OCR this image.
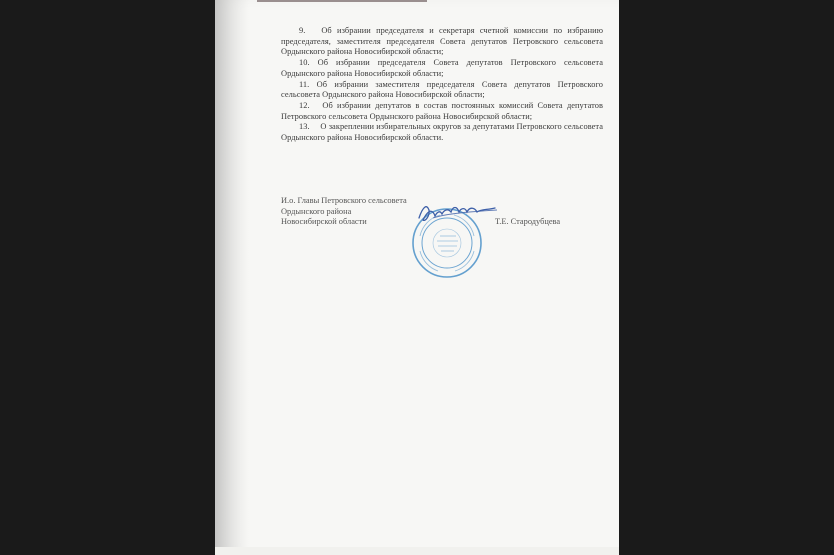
9.   Об избрании председателя и секретаря счетной комиссии по избранию председателя, заместителя председателя Совета депутатов Петровского сельсовета Ордынского района Новосибирской области;

10. Об избрании председателя Совета депутатов Петровского сельсовета Ордынского района Новосибирской области;

11. Об избрании заместителя председателя Совета депутатов Петровского сельсовета Ордынского района Новосибирской области;

12.   Об избрании депутатов в состав постоянных комиссий Совета депутатов Петровского сельсовета Ордынского района Новосибирской области;

13.     О закреплении избирательных округов за депутатами Петровского сельсовета Ордынского района Новосибирской области.

И.о. Главы Петровского сельсовета
Ордынского района
Новосибирской области	Т.Е. Стародубцева
